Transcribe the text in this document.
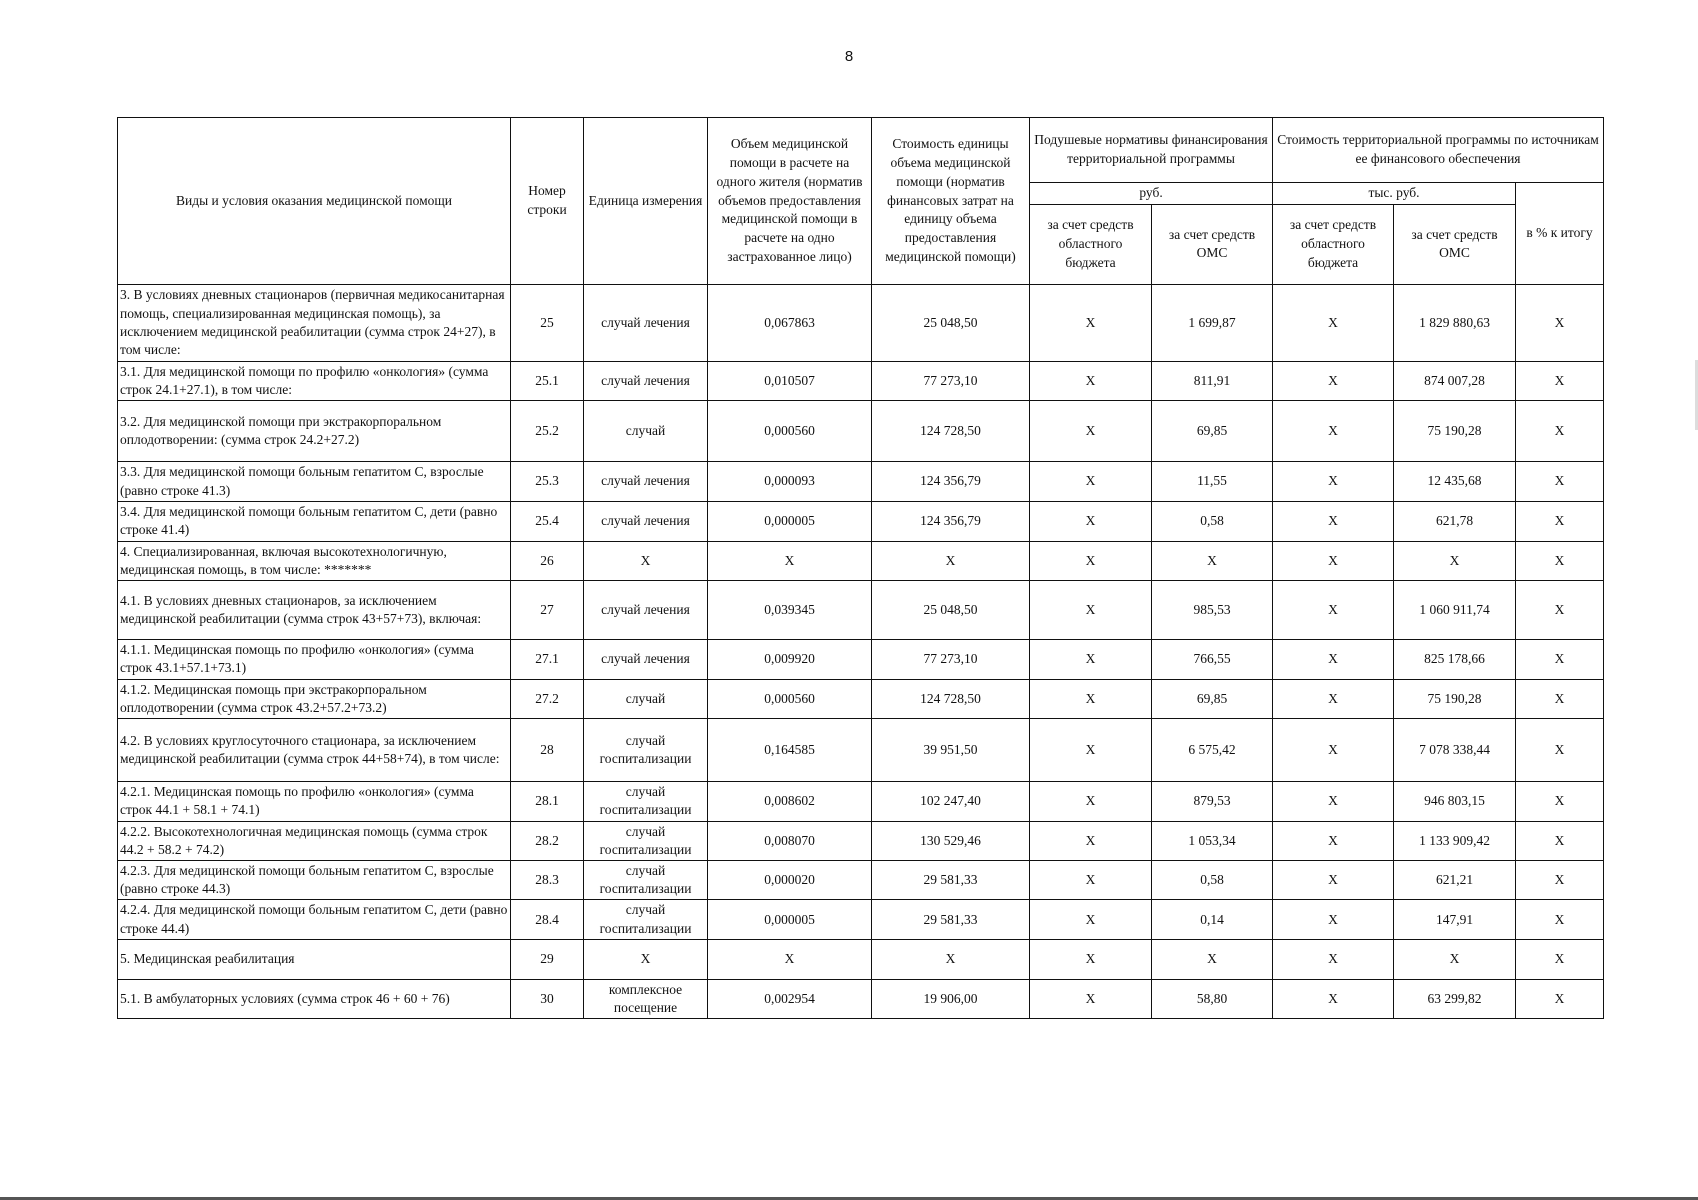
8
Виды и условия оказания медицинской помощи	Номер строки	Единица измерения	Объем медицинской помощи в расчете на одного жителя (норматив объемов предоставления медицинской помощи в расчете на одно застрахованное лицо)	Стоимость единицы объема медицинской помощи (норматив финансовых затрат на единицу объема предоставления медицинской помощи)	Подушевые нормативы финансирования территориальной программы		Стоимость территориальной программы по источникам ее финансового обеспечения		
					руб.		тыс. руб.		в % к итогу
					за счет средств областного бюджета	за счет средств ОМС	за счет средств областного бюджета	за счет средств ОМС	
3. В условиях дневных стационаров (первичная медикосанитарная помощь, специализированная медицинская помощь), за исключением медицинской реабилитации (сумма строк 24+27), в том числе:	25	случай лечения	0,067863	25 048,50	X	1 699,87	X	1 829 880,63	X
3.1. Для медицинской помощи по профилю «онкология» (сумма строк 24.1+27.1), в том числе:	25.1	случай лечения	0,010507	77 273,10	X	811,91	X	874 007,28	X
3.2. Для медицинской помощи при экстракорпоральном оплодотворении: (сумма строк 24.2+27.2)	25.2	случай	0,000560	124 728,50	X	69,85	X	75 190,28	X
3.3. Для медицинской помощи больным гепатитом С, взрослые (равно строке 41.3)	25.3	случай лечения	0,000093	124 356,79	X	11,55	X	12 435,68	X
3.4. Для медицинской помощи больным гепатитом С, дети (равно строке 41.4)	25.4	случай лечения	0,000005	124 356,79	X	0,58	X	621,78	X
4. Специализированная, включая высокотехнологичную, медицинская помощь, в том числе: *******	26	X	X	X	X	X	X	X	X
4.1. В условиях дневных стационаров, за исключением медицинской реабилитации (сумма строк 43+57+73), включая:	27	случай лечения	0,039345	25 048,50	X	985,53	X	1 060 911,74	X
4.1.1. Медицинская помощь по профилю «онкология» (сумма строк 43.1+57.1+73.1)	27.1	случай лечения	0,009920	77 273,10	X	766,55	X	825 178,66	X
4.1.2. Медицинская помощь при экстракорпоральном оплодотворении (сумма строк 43.2+57.2+73.2)	27.2	случай	0,000560	124 728,50	X	69,85	X	75 190,28	X
4.2. В условиях круглосуточного стационара, за исключением медицинской реабилитации (сумма строк 44+58+74), в том числе:	28	случай госпитализации	0,164585	39 951,50	X	6 575,42	X	7 078 338,44	X
4.2.1. Медицинская помощь по профилю «онкология» (сумма строк 44.1 + 58.1 + 74.1)	28.1	случай госпитализации	0,008602	102 247,40	X	879,53	X	946 803,15	X
4.2.2. Высокотехнологичная медицинская помощь (сумма строк 44.2 + 58.2 + 74.2)	28.2	случай госпитализации	0,008070	130 529,46	X	1 053,34	X	1 133 909,42	X
4.2.3. Для медицинской помощи больным гепатитом С, взрослые (равно строке 44.3)	28.3	случай госпитализации	0,000020	29 581,33	X	0,58	X	621,21	X
4.2.4. Для медицинской помощи больным гепатитом С, дети (равно строке 44.4)	28.4	случай госпитализации	0,000005	29 581,33	X	0,14	X	147,91	X
5. Медицинская реабилитация	29	X	X	X	X	X	X	X	X
5.1. В амбулаторных условиях (сумма строк 46 + 60 + 76)	30	комплексное посещение	0,002954	19 906,00	X	58,80	X	63 299,82	X
